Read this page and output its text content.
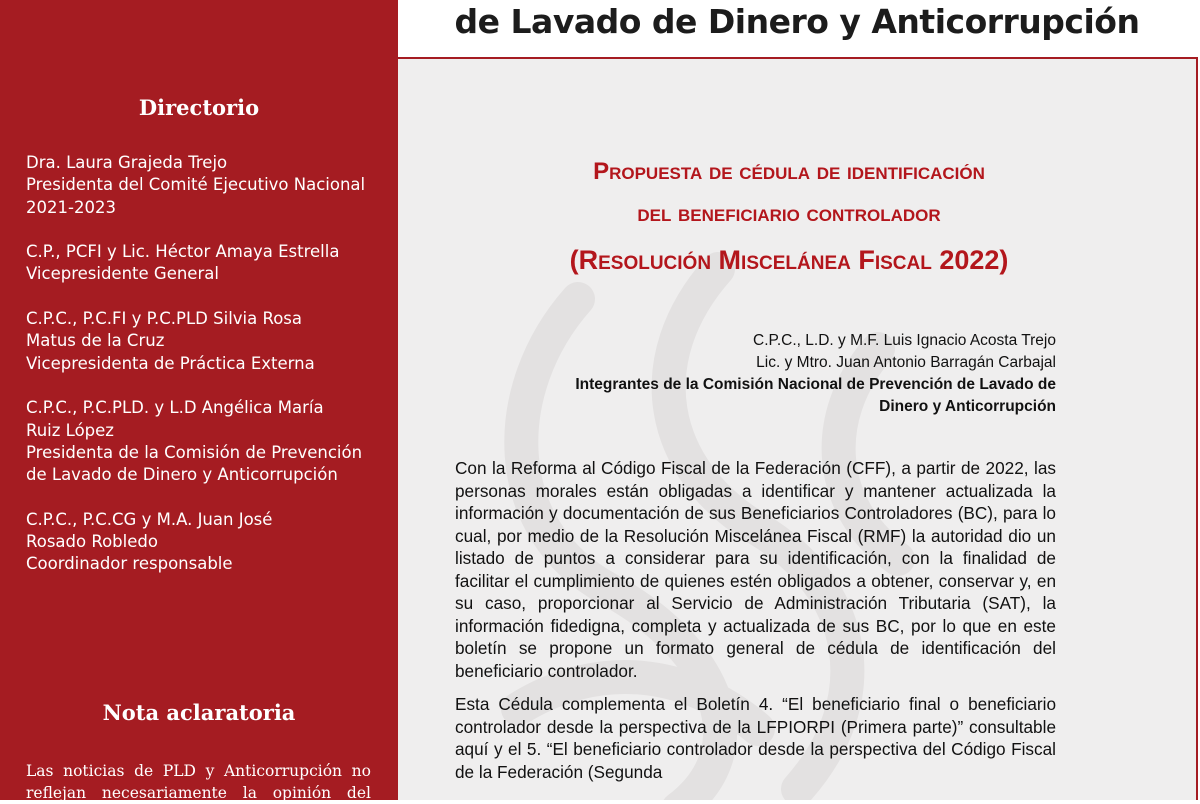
Directorio
Dra. Laura Grajeda Trejo
Presidenta del Comité Ejecutivo Nacional
2021-2023
C.P., PCFI y Lic. Héctor Amaya Estrella
Vicepresidente General
C.P.C., P.C.FI y P.C.PLD Silvia Rosa
Matus de la Cruz
Vicepresidenta de Práctica Externa
C.P.C., P.C.PLD. y L.D Angélica María
Ruiz López
Presidenta de la Comisión de Prevención
de Lavado de Dinero y Anticorrupción
C.P.C., P.C.CG y M.A. Juan José
Rosado Robledo
Coordinador responsable
Nota aclaratoria
Las noticias de PLD y Anticorrupción no reflejan necesariamente la opinión del
de Lavado de Dinero y Anticorrupción
Propuesta de cédula de identificación
del beneficiario controlador
(Resolución Miscelánea Fiscal 2022)
C.P.C., L.D. y M.F. Luis Ignacio Acosta Trejo
Lic. y Mtro. Juan Antonio Barragán Carbajal
Integrantes de la Comisión Nacional de Prevención de Lavado de
Dinero y Anticorrupción

Con la Reforma al Código Fiscal de la Federación (CFF), a partir de 2022, las personas morales están obligadas a identificar y mantener actualizada la información y documentación de sus Beneficiarios Controladores (BC), para lo cual, por medio de la Resolución Miscelánea Fiscal (RMF) la autoridad dio un listado de puntos a considerar para su identificación, con la finalidad de facilitar el cumplimiento de quienes estén obligados a obtener, conservar y, en su caso, proporcionar al Servicio de Administración Tributaria (SAT), la información fidedigna, completa y actualizada de sus BC, por lo que en este boletín se propone un formato general de cédula de identificación del beneficiario controlador.

Esta Cédula complementa el Boletín 4. “El beneficiario final o beneficiario controlador desde la perspectiva de la LFPIORPI (Primera parte)” consultable aquí y el 5. “El beneficiario controlador desde la perspectiva del Código Fiscal de la Federación (Segunda
